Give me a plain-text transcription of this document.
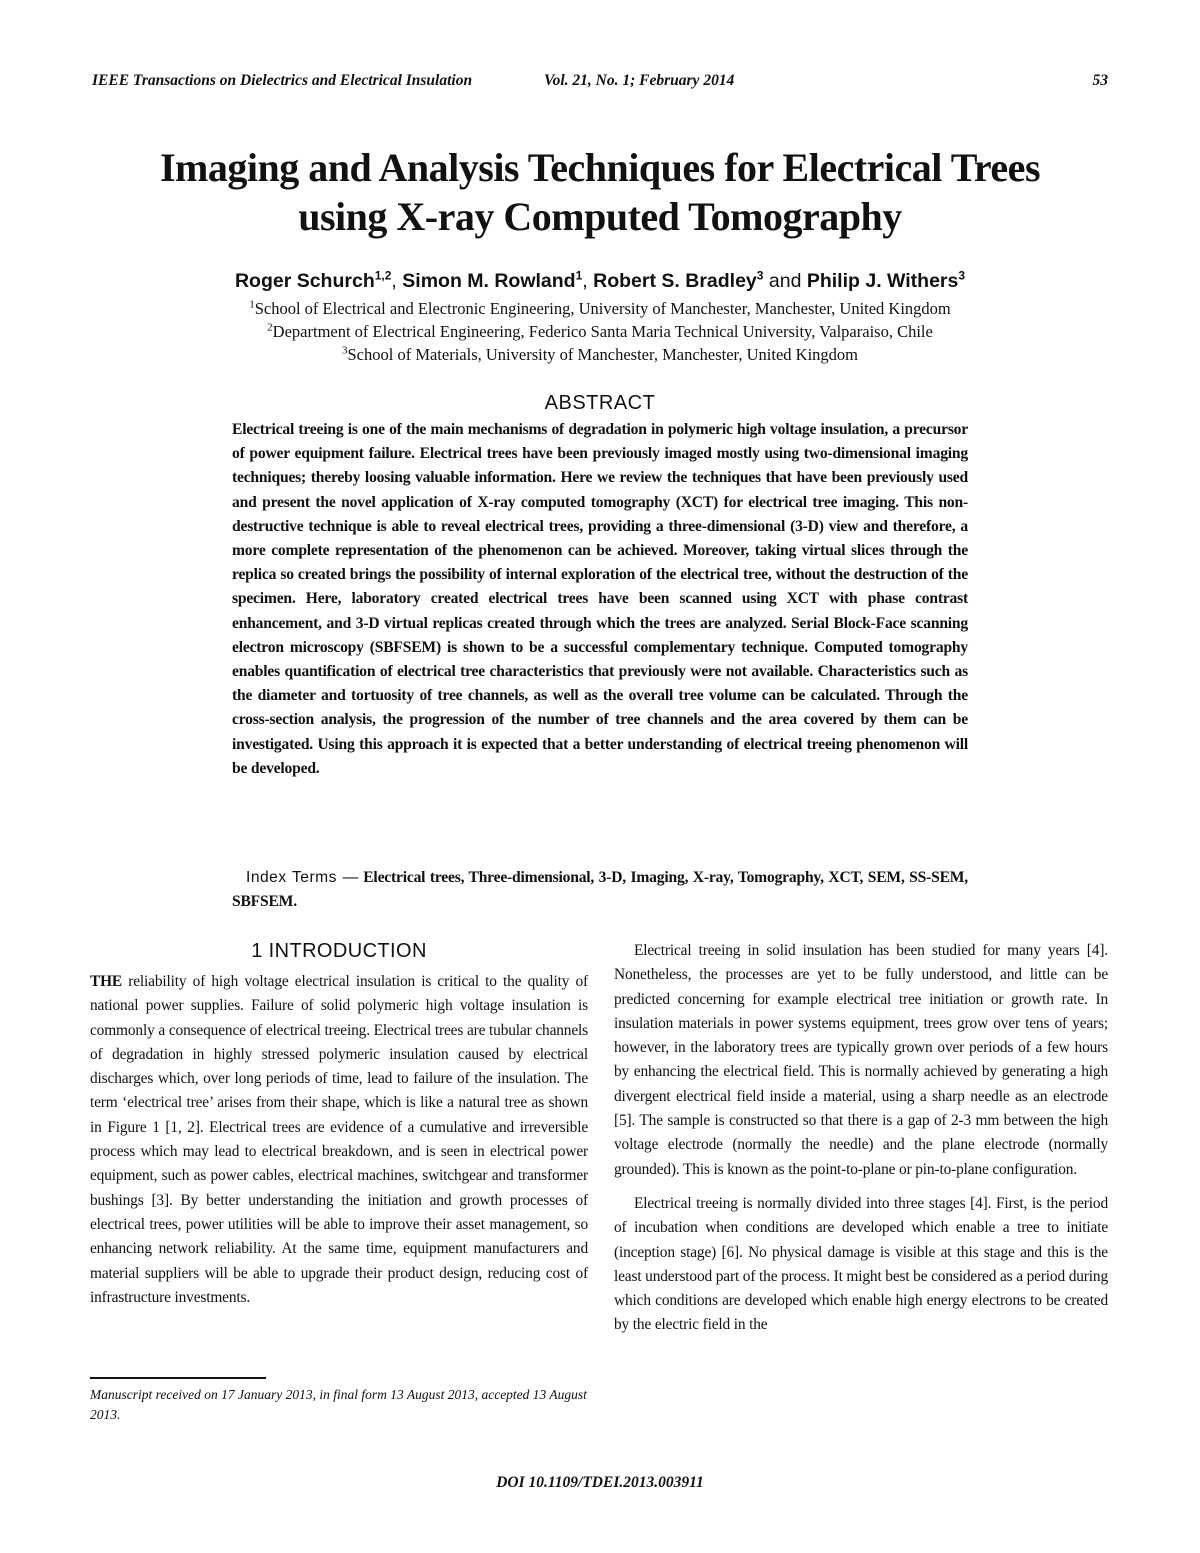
IEEE Transactions on Dielectrics and Electrical Insulation	Vol. 21, No. 1; February 2014	53
Imaging and Analysis Techniques for Electrical Trees
using X-ray Computed Tomography
Roger Schurch$^{1,2}$, Simon M. Rowland$^1$, Robert S. Bradley$^3$ and Philip J. Withers$^3$
$^1$School of Electrical and Electronic Engineering, University of Manchester, Manchester, United Kingdom
$^2$Department of Electrical Engineering, Federico Santa Maria Technical University, Valparaiso, Chile
$^3$School of Materials, University of Manchester, Manchester, United Kingdom
ABSTRACT
Electrical treeing is one of the main mechanisms of degradation in polymeric high voltage insulation, a precursor of power equipment failure. Electrical trees have been previously imaged mostly using two-dimensional imaging techniques; thereby loosing valuable information. Here we review the techniques that have been previously used and present the novel application of X-ray computed tomography (XCT) for electrical tree imaging. This non-destructive technique is able to reveal electrical trees, providing a three-dimensional (3-D) view and therefore, a more complete representation of the phenomenon can be achieved. Moreover, taking virtual slices through the replica so created brings the possibility of internal exploration of the electrical tree, without the destruction of the specimen. Here, laboratory created electrical trees have been scanned using XCT with phase contrast enhancement, and 3-D virtual replicas created through which the trees are analyzed. Serial Block-Face scanning electron microscopy (SBFSEM) is shown to be a successful complementary technique. Computed tomography enables quantification of electrical tree characteristics that previously were not available. Characteristics such as the diameter and tortuosity of tree channels, as well as the overall tree volume can be calculated. Through the cross-section analysis, the progression of the number of tree channels and the area covered by them can be investigated. Using this approach it is expected that a better understanding of electrical treeing phenomenon will be developed.
Index Terms — Electrical trees, Three-dimensional, 3-D, Imaging, X-ray, Tomography, XCT, SEM, SS-SEM, SBFSEM.
1 INTRODUCTION

THE reliability of high voltage electrical insulation is critical to the quality of national power supplies. Failure of solid polymeric high voltage insulation is commonly a consequence of electrical treeing. Electrical trees are tubular channels of degradation in highly stressed polymeric insulation caused by electrical discharges which, over long periods of time, lead to failure of the insulation. The term ‘electrical tree’ arises from their shape, which is like a natural tree as shown in Figure 1 [1, 2]. Electrical trees are evidence of a cumulative and irreversible process which may lead to electrical breakdown, and is seen in electrical power equipment, such as power cables, electrical machines, switchgear and transformer bushings [3]. By better understanding the initiation and growth processes of electrical trees, power utilities will be able to improve their asset management, so enhancing network reliability. At the same time, equipment manufacturers and material suppliers will be able to upgrade their product design, reducing cost of infrastructure investments.

Electrical treeing in solid insulation has been studied for many years [4]. Nonetheless, the processes are yet to be fully understood, and little can be predicted concerning for example electrical tree initiation or growth rate. In insulation materials in power systems equipment, trees grow over tens of years; however, in the laboratory trees are typically grown over periods of a few hours by enhancing the electrical field. This is normally achieved by generating a high divergent electrical field inside a material, using a sharp needle as an electrode [5]. The sample is constructed so that there is a gap of 2-3 mm between the high voltage electrode (normally the needle) and the plane electrode (normally grounded). This is known as the point-to-plane or pin-to-plane configuration.

Electrical treeing is normally divided into three stages [4]. First, is the period of incubation when conditions are developed which enable a tree to initiate (inception stage) [6]. No physical damage is visible at this stage and this is the least understood part of the process. It might best be considered as a period during which conditions are developed which enable high energy electrons to be created by the electric field in the

Manuscript received on 17 January 2013, in final form 13 August 2013, accepted 13 August 2013.
DOI 10.1109/TDEI.2013.003911
